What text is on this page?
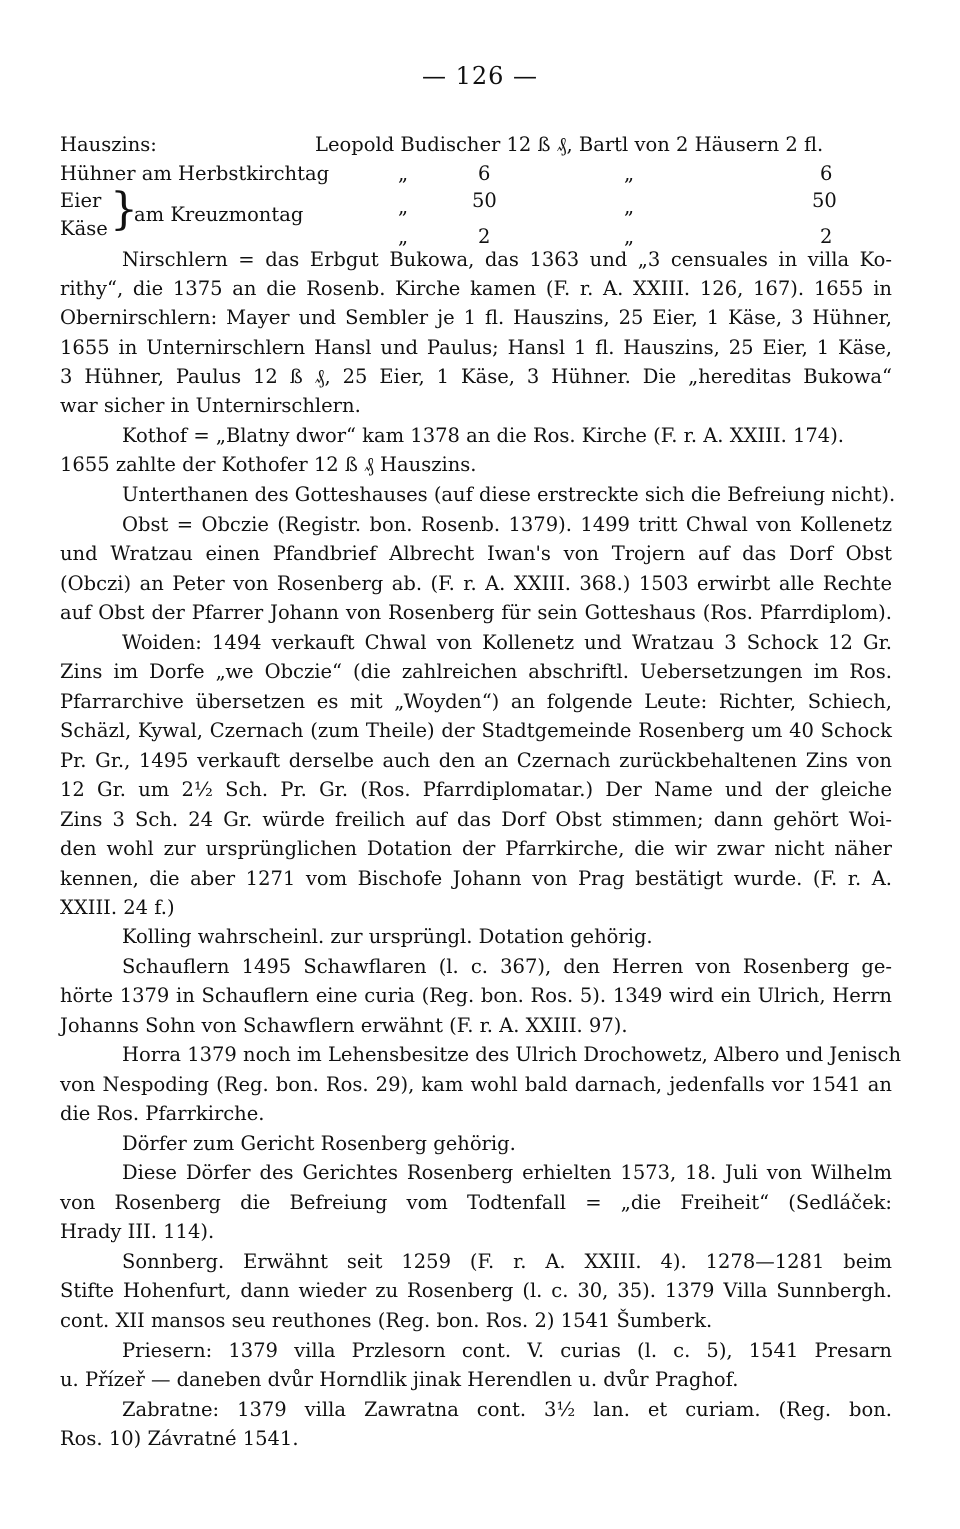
— 126 —
Hauszins:	Leopold Budischer 12 ß ₰, Bartl von 2 Häusern 2 fl.
Hühner am Herbstkirchtag	„	6	„	6
Eier	„	50	„	50
}
am Kreuzmontag
Käse	„	2	„	2
Nirschlern = das Erbgut Bukowa, das 1363 und „3 censuales in villa Ko-
rithy“, die 1375 an die Rosenb. Kirche kamen (F. r. A. XXIII. 126, 167). 1655 in
Obernirschlern: Mayer und Sembler je 1 fl. Hauszins, 25 Eier, 1 Käse, 3 Hühner,
1655 in Unternirschlern Hansl und Paulus; Hansl 1 fl. Hauszins, 25 Eier, 1 Käse,
3 Hühner, Paulus 12 ß ₰, 25 Eier, 1 Käse, 3 Hühner. Die „hereditas Bukowa“
war sicher in Unternirschlern.
Kothof = „Blatny dwor“ kam 1378 an die Ros. Kirche (F. r. A. XXIII. 174).
1655 zahlte der Kothofer 12 ß ₰ Hauszins.
Unterthanen des Gotteshauses (auf diese erstreckte sich die Befreiung nicht).
Obst = Obczie (Registr. bon. Rosenb. 1379). 1499 tritt Chwal von Kollenetz
und Wratzau einen Pfandbrief Albrecht Iwan's von Trojern auf das Dorf Obst
(Obczi) an Peter von Rosenberg ab. (F. r. A. XXIII. 368.) 1503 erwirbt alle Rechte
auf Obst der Pfarrer Johann von Rosenberg für sein Gotteshaus (Ros. Pfarrdiplom).
Woiden: 1494 verkauft Chwal von Kollenetz und Wratzau 3 Schock 12 Gr.
Zins im Dorfe „we Obczie“ (die zahlreichen abschriftl. Uebersetzungen im Ros.
Pfarrarchive übersetzen es mit „Woyden“) an folgende Leute: Richter, Schiech,
Schäzl, Kywal, Czernach (zum Theile) der Stadtgemeinde Rosenberg um 40 Schock
Pr. Gr., 1495 verkauft derselbe auch den an Czernach zurückbehaltenen Zins von
12 Gr. um 2½ Sch. Pr. Gr. (Ros. Pfarrdiplomatar.) Der Name und der gleiche
Zins 3 Sch. 24 Gr. würde freilich auf das Dorf Obst stimmen; dann gehört Woi-
den wohl zur ursprünglichen Dotation der Pfarrkirche, die wir zwar nicht näher
kennen, die aber 1271 vom Bischofe Johann von Prag bestätigt wurde. (F. r. A.
XXIII. 24 f.)
Kolling wahrscheinl. zur ursprüngl. Dotation gehörig.
Schauflern 1495 Schawflaren (l. c. 367), den Herren von Rosenberg ge-
hörte 1379 in Schauflern eine curia (Reg. bon. Ros. 5). 1349 wird ein Ulrich, Herrn
Johanns Sohn von Schawflern erwähnt (F. r. A. XXIII. 97).
Horra 1379 noch im Lehensbesitze des Ulrich Drochowetz, Albero und Jenisch
von Nespoding (Reg. bon. Ros. 29), kam wohl bald darnach, jedenfalls vor 1541 an
die Ros. Pfarrkirche.
Dörfer zum Gericht Rosenberg gehörig.
Diese Dörfer des Gerichtes Rosenberg erhielten 1573, 18. Juli von Wilhelm
von Rosenberg die Befreiung vom Todtenfall = „die Freiheit“ (Sedláček:
Hrady III. 114).
Sonnberg. Erwähnt seit 1259 (F. r. A. XXIII. 4). 1278—1281 beim
Stifte Hohenfurt, dann wieder zu Rosenberg (l. c. 30, 35). 1379 Villa Sunnbergh.
cont. XII mansos seu reuthones (Reg. bon. Ros. 2) 1541 Šumberk.
Priesern: 1379 villa Przlesorn cont. V. curias (l. c. 5), 1541 Presarn
u. Přízeř — daneben dvůr Horndlik jinak Herendlen u. dvůr Praghof.
Zabratne: 1379 villa Zawratna cont. 3½ lan. et curiam. (Reg. bon.
Ros. 10) Závratné 1541.
